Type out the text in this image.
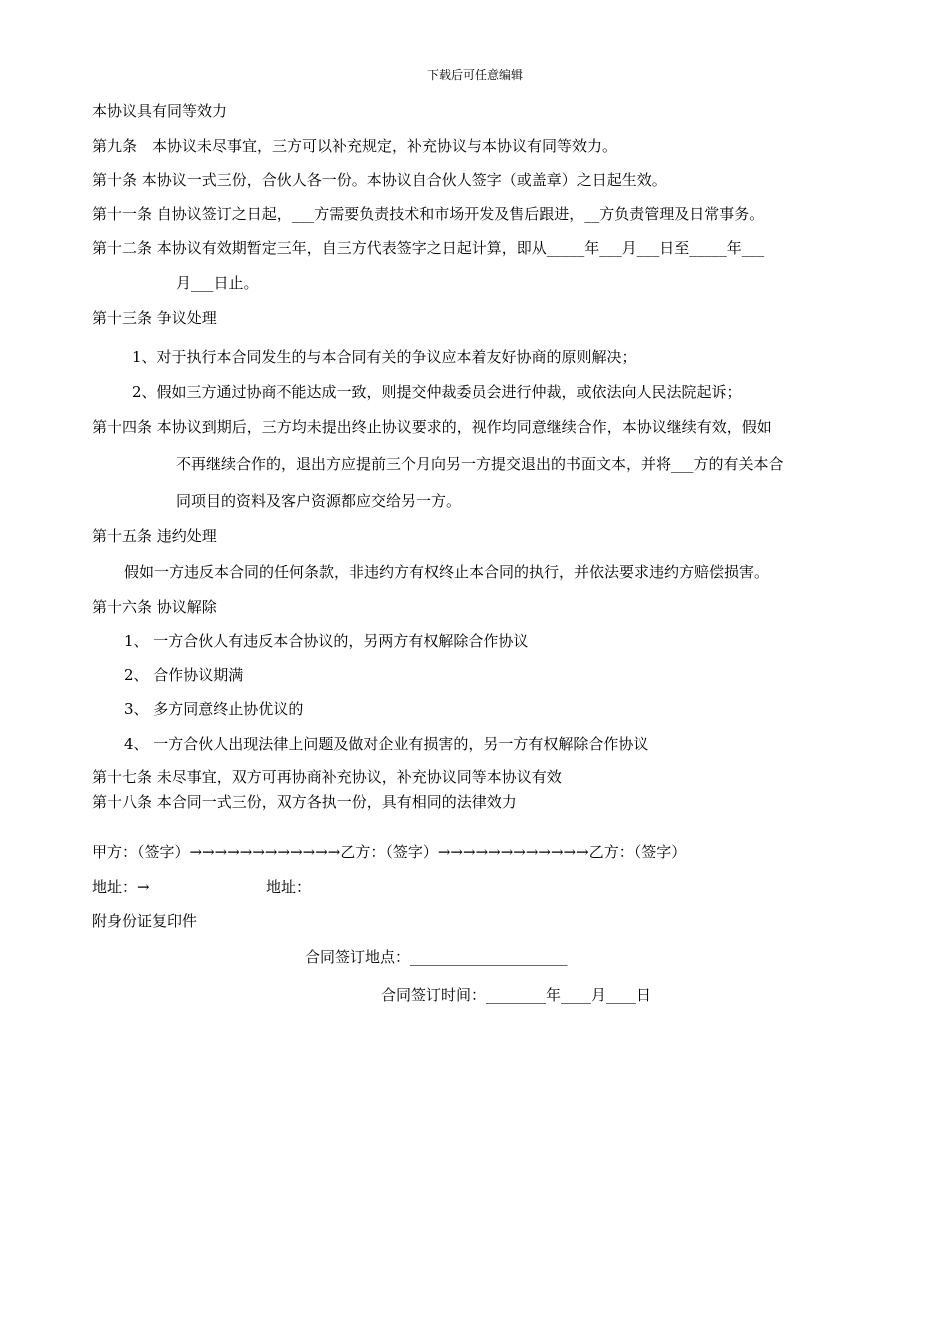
下载后可任意编辑
本协议具有同等效力
第九条　本协议未尽事宜，三方可以补充规定，补充协议与本协议有同等效力。
第十条 本协议一式三份，合伙人各一份。本协议自合伙人签字（或盖章）之日起生效。
第十一条 自协议签订之日起，___方需要负责技术和市场开发及售后跟进，__方负责管理及日常事务。
第十二条 本协议有效期暂定三年，自三方代表签字之日起计算，即从_____年___月___日至_____年___
月___日止。
第十三条 争议处理
1、对于执行本合同发生的与本合同有关的争议应本着友好协商的原则解决；
2、假如三方通过协商不能达成一致，则提交仲裁委员会进行仲裁，或依法向人民法院起诉；
第十四条 本协议到期后，三方均未提出终止协议要求的，视作均同意继续合作，本协议继续有效，假如
不再继续合作的，退出方应提前三个月向另一方提交退出的书面文本，并将___方的有关本合
同项目的资料及客户资源都应交给另一方。
第十五条 违约处理
假如一方违反本合同的任何条款，非违约方有权终止本合同的执行，并依法要求违约方赔偿损害。
第十六条 协议解除
1、 一方合伙人有违反本合协议的，另两方有权解除合作协议
2、 合作协议期满
3、 多方同意终止协优议的
4、 一方合伙人出现法律上问题及做对企业有损害的，另一方有权解除合作协议
第十七条 未尽事宜，双方可再协商补充协议，补充协议同等本协议有效
第十八条 本合同一式三份，双方各执一份，具有相同的法律效力
甲方：（签字）→→→→→→→→→→→→乙方：（签字）→→→→→→→→→→→→乙方：（签字）
地址：→	地址：
附身份证复印件
合同签订地点：_____________________
合同签订时间：________年____月____日
